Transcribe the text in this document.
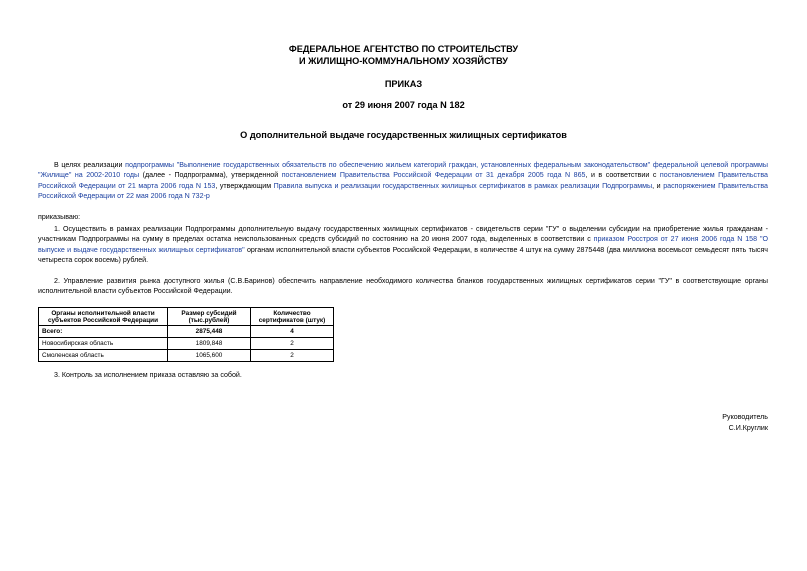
ФЕДЕРАЛЬНОЕ АГЕНТСТВО ПО СТРОИТЕЛЬСТВУ
И ЖИЛИЩНО-КОММУНАЛЬНОМУ ХОЗЯЙСТВУ
ПРИКАЗ
от 29 июня 2007 года N 182
О дополнительной выдаче государственных жилищных сертификатов
В целях реализации подпрограммы "Выполнение государственных обязательств по обеспечению жильем категорий граждан, установленных федеральным законодательством" федеральной целевой программы "Жилище" на 2002-2010 годы (далее - Подпрограмма), утвержденной постановлением Правительства Российской Федерации от 31 декабря 2005 года N 865, и в соответствии с постановлением Правительства Российской Федерации от 21 марта 2006 года N 153, утверждающим Правила выпуска и реализации государственных жилищных сертификатов в рамках реализации Подпрограммы, и распоряжением Правительства Российской Федерации от 22 мая 2006 года N 732-р
приказываю:
1. Осуществить в рамках реализации Подпрограммы дополнительную выдачу государственных жилищных сертификатов - свидетельств серии "ГУ" о выделении субсидии на приобретение жилья гражданам - участникам Подпрограммы на сумму в пределах остатка неиспользованных средств субсидий по состоянию на 20 июня 2007 года, выделенных в соответствии с приказом Росстроя от 27 июня 2006 года N 158 "О выпуске и выдаче государственных жилищных сертификатов" органам исполнительной власти субъектов Российской Федерации, в количестве 4 штук на сумму 2875448 (два миллиона восемьсот семьдесят пять тысяч четыреста сорок восемь) рублей.
2. Управление развития рынка доступного жилья (С.В.Баринов) обеспечить направление необходимого количества бланков государственных жилищных сертификатов серии "ГУ" в соответствующие органы исполнительной власти субъектов Российской Федерации.
Органы исполнительной власти субъектов Российской Федерации	Размер субсидий (тыс.рублей)	Количество сертификатов (штук)
Всего:	2875,448	4
Новосибирская область	1809,848	2
Смоленская область	1065,600	2
3. Контроль за исполнением приказа оставляю за собой.
Руководитель
С.И.Круглик
